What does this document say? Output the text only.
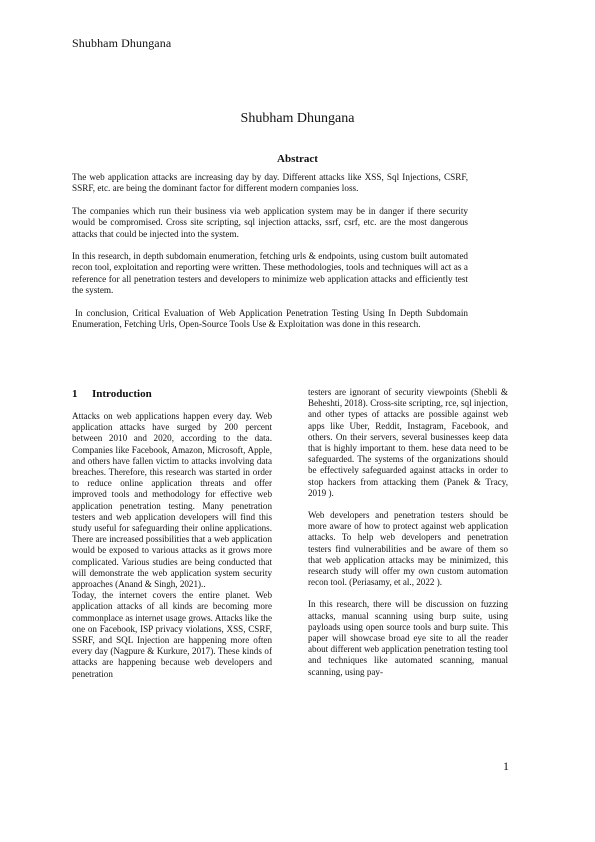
Shubham Dhungana
Shubham Dhungana
Abstract

The web application attacks are increasing day by day. Different attacks like XSS, Sql Injections, CSRF, SSRF, etc. are being the dominant factor for different modern companies loss.

The companies which run their business via web application system may be in danger if there security would be compromised. Cross site scripting, sql injection attacks, ssrf, csrf, etc. are the most dangerous attacks that could be injected into the system.

In this research, in depth subdomain enumeration, fetching urls & endpoints, using custom built automated recon tool, exploitation and reporting were written. These methodologies, tools and techniques will act as a reference for all penetration testers and developers to minimize web application attacks and efficiently test the system.

In conclusion, Critical Evaluation of Web Application Penetration Testing Using In Depth Subdomain Enumeration, Fetching Urls, Open-Source Tools Use & Exploitation was done in this research.

1 Introduction

Attacks on web applications happen every day. Web application attacks have surged by 200 percent between 2010 and 2020, according to the data. Companies like Facebook, Amazon, Microsoft, Apple, and others have fallen victim to attacks involving data breaches. Therefore, this research was started in order to reduce online application threats and offer improved tools and methodology for effective web application penetration testing. Many penetration testers and web application developers will find this study useful for safeguarding their online applications. There are increased possibilities that a web application would be exposed to various attacks as it grows more complicated. Various studies are being conducted that will demonstrate the web application system security approaches (Anand & Singh, 2021)..

Today, the internet covers the entire planet. Web application attacks of all kinds are becoming more commonplace as internet usage grows. Attacks like the one on Facebook, ISP privacy violations, XSS, CSRF, SSRF, and SQL Injection are happening more often every day (Nagpure & Kurkure, 2017). These kinds of attacks are happening because web developers and penetration

testers are ignorant of security viewpoints (Shebli & Beheshti, 2018). Cross-site scripting, rce, sql injection, and other types of attacks are possible against web apps like Uber, Reddit, Instagram, Facebook, and others. On their servers, several businesses keep data that is highly important to them. hese data need to be safeguarded. The systems of the organizations should be effectively safeguarded against attacks in order to stop hackers from attacking them (Panek & Tracy, 2019 ).

Web developers and penetration testers should be more aware of how to protect against web application attacks. To help web developers and penetration testers find vulnerabilities and be aware of them so that web application attacks may be minimized, this research study will offer my own custom automation recon tool. (Periasamy, et al., 2022 ).

In this research, there will be discussion on fuzzing attacks, manual scanning using burp suite, using payloads using open source tools and burp suite. This paper will showcase broad eye site to all the reader about different web application penetration testing tool and techniques like automated scanning, manual scanning, using pay-

1
